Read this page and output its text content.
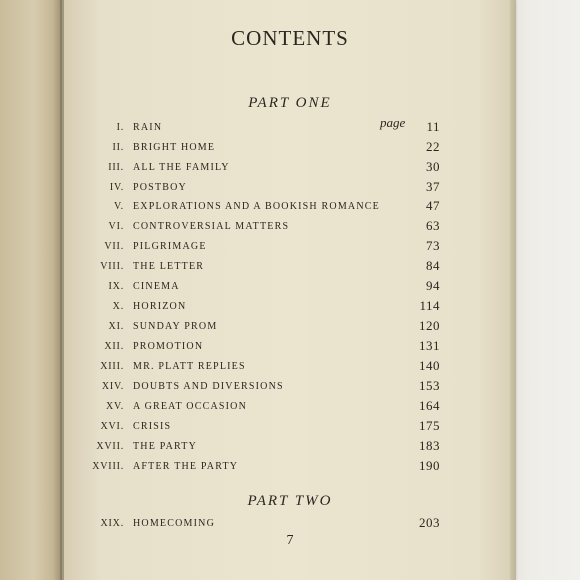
CONTENTS
PART ONE
page
I. RAIN	11
II. BRIGHT HOME	22
III. ALL THE FAMILY	30
IV. POSTBOY	37
V. EXPLORATIONS AND A BOOKISH ROMANCE	47
VI. CONTROVERSIAL MATTERS	63
VII. PILGRIMAGE	73
VIII. THE LETTER	84
IX. CINEMA	94
X. HORIZON	114
XI. SUNDAY PROM	120
XII. PROMOTION	131
XIII. MR. PLATT REPLIES	140
XIV. DOUBTS AND DIVERSIONS	153
XV. A GREAT OCCASION	164
XVI. CRISIS	175
XVII. THE PARTY	183
XVIII. AFTER THE PARTY	190
XIX. HOMECOMING	203
PART TWO
7
